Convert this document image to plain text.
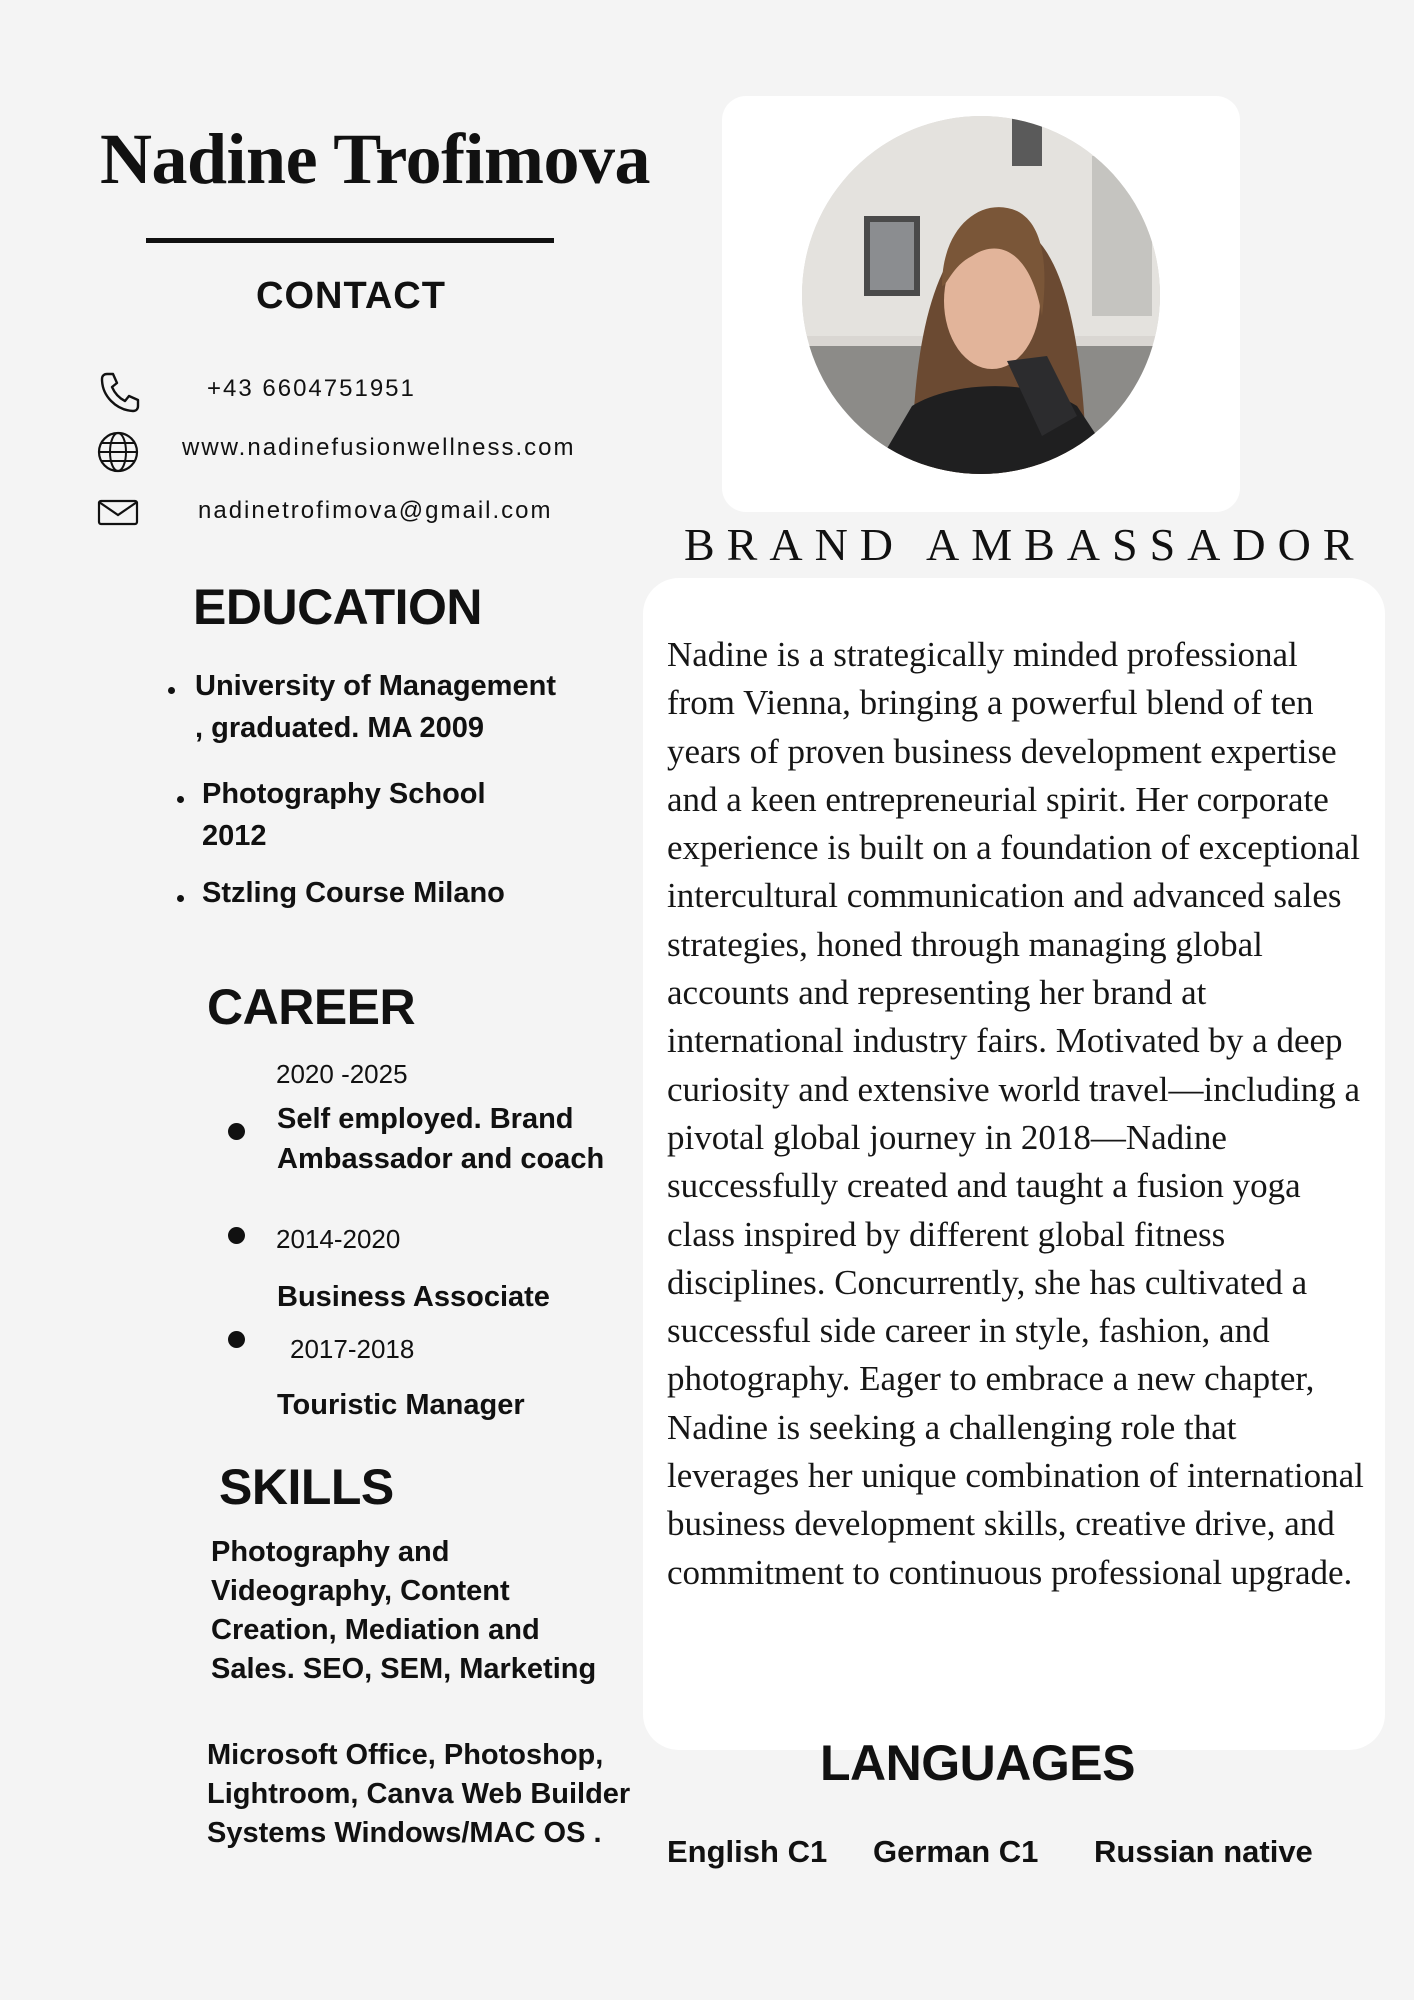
Nadine Trofimova
CONTACT
+43 6604751951
www.nadinefusionwellness.com
nadinetrofimova@gmail.com
EDUCATION
University of Management
, graduated. MA 2009
Photography School
2012
Stzling Course Milano
CAREER
2020 -2025
Self employed. Brand Ambassador and coach
2014-2020
Business Associate
2017-2018
Touristic Manager
SKILLS
Photography and Videography, Content Creation, Mediation and Sales. SEO, SEM, Marketing
Microsoft Office, Photoshop, Lightroom, Canva Web Builder Systems Windows/MAC OS .
BRAND AMBASSADOR
Nadine is a strategically minded professional from Vienna, bringing a powerful blend of ten years of proven business development expertise and a keen entrepreneurial spirit. Her corporate experience is built on a foundation of exceptional intercultural communication and advanced sales strategies, honed through managing global accounts and representing her brand at international industry fairs. Motivated by a deep curiosity and extensive world travel—including a pivotal global journey in 2018—Nadine successfully created and taught a fusion yoga class inspired by different global fitness disciplines. Concurrently, she has cultivated a successful side career in style, fashion, and photography. Eager to embrace a new chapter, Nadine is seeking a challenging role that leverages her unique combination of international business development skills, creative drive, and commitment to continuous professional upgrade.
LANGUAGES
English C1 German C1 Russian native
